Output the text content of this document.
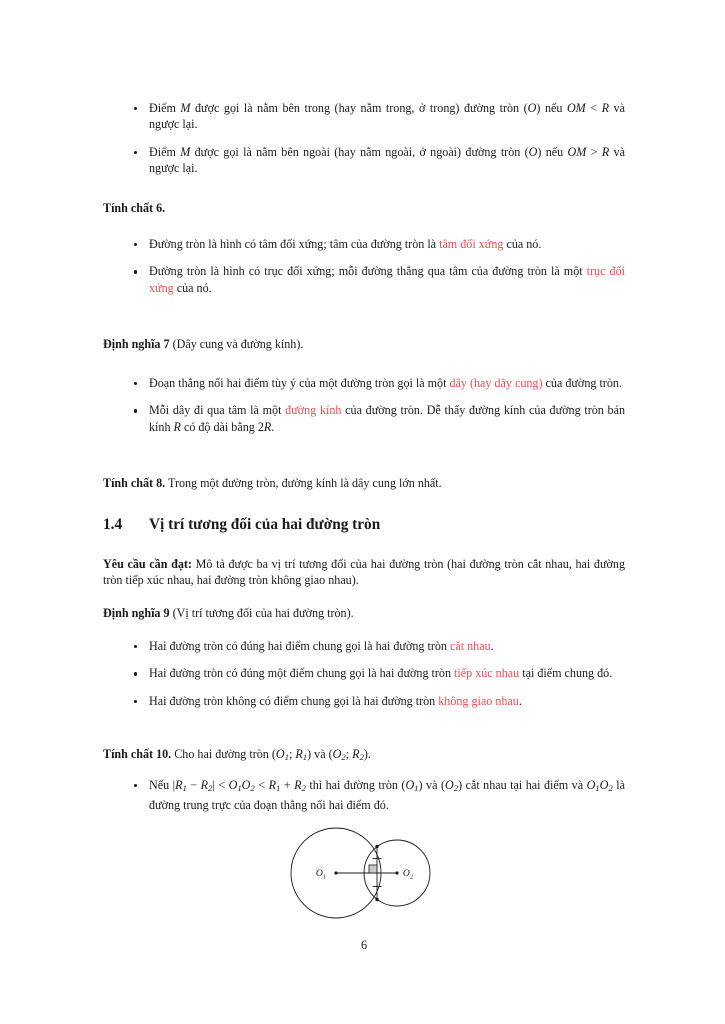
Điểm M được gọi là nằm bên trong (hay nằm trong, ở trong) đường tròn (O) nếu OM < R và ngược lại.
Điểm M được gọi là nằm bên ngoài (hay nằm ngoài, ở ngoài) đường tròn (O) nếu OM > R và ngược lại.
Tính chất 6.
Đường tròn là hình có tâm đối xứng; tâm của đường tròn là tâm đối xứng của nó.
Đường tròn là hình có trục đối xứng; mỗi đường thẳng qua tâm của đường tròn là một trục đối xứng của nó.
Định nghĩa 7 (Dây cung và đường kính).
Đoạn thẳng nối hai điểm tùy ý của một đường tròn gọi là một dây (hay dây cung) của đường tròn.
Mỗi dây đi qua tâm là một đường kính của đường tròn. Dễ thấy đường kính của đường tròn bán kính R có độ dài bằng 2R.
Tính chất 8. Trong một đường tròn, đường kính là dây cung lớn nhất.
1.4 Vị trí tương đối của hai đường tròn
Yêu cầu cần đạt: Mô tả được ba vị trí tương đối của hai đường tròn (hai đường tròn cắt nhau, hai đường tròn tiếp xúc nhau, hai đường tròn không giao nhau).
Định nghĩa 9 (Vị trí tương đối của hai đường tròn).
Hai đường tròn có đúng hai điểm chung gọi là hai đường tròn cắt nhau.
Hai đường tròn có đúng một điểm chung gọi là hai đường tròn tiếp xúc nhau tại điểm chung đó.
Hai đường tròn không có điểm chung gọi là hai đường tròn không giao nhau.
Tính chất 10. Cho hai đường tròn ($O_1$; $R_1$) và ($O_2$; $R_2$).
Nếu $|R_1 - R_2| < O_1O_2 < R_1 + R_2$ thì hai đường tròn $(O_1)$ và $(O_2)$ cắt nhau tại hai điểm và $O_1O_2$ là đường trung trực của đoạn thẳng nối hai điểm đó.
$O_1$	$O_2$
6
